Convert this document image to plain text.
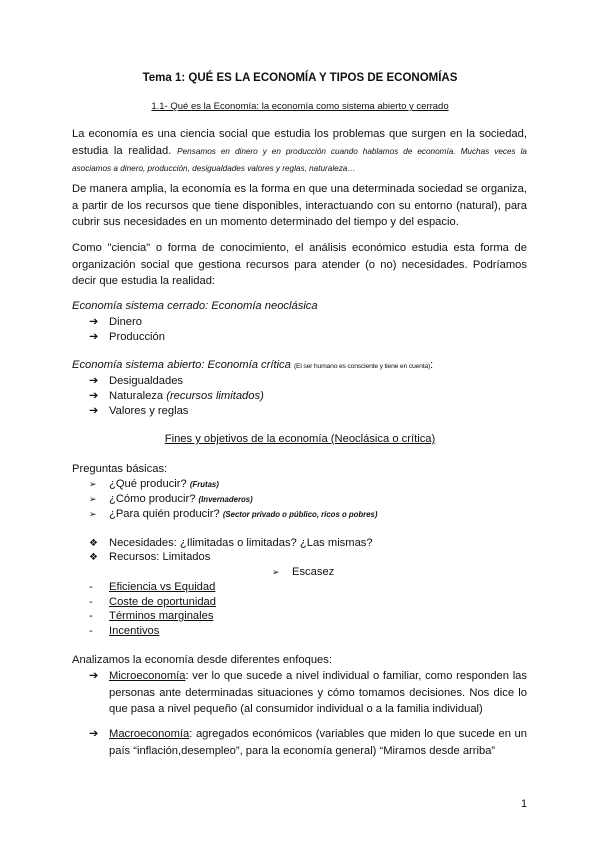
Tema 1: QUÉ ES LA ECONOMÍA Y TIPOS DE ECONOMÍAS
1.1- Qué es la Economía: la economía como sistema abierto y cerrado
La economía es una ciencia social que estudia los problemas que surgen en la sociedad, estudia la realidad. Pensamos en dinero y en producción cuando hablamos de economía. Muchas veces la asociamos a dinero, producción, desigualdades valores y reglas, naturaleza…
De manera amplia, la economía es la forma en que una determinada sociedad se organiza, a partir de los recursos que tiene disponibles, interactuando con su entorno (natural), para cubrir sus necesidades en un momento determinado del tiempo y del espacio.
Como "ciencia" o forma de conocimiento, el análisis económico estudia esta forma de organización social que gestiona recursos para atender (o no) necesidades. Podríamos decir que estudia la realidad:
Economía sistema cerrado: Economía neoclásica
➔ Dinero
➔ Producción
Economía sistema abierto: Economía crítica (El ser humano es consciente y tiene en cuenta):
➔ Desigualdades
➔ Naturaleza (recursos limitados)
➔ Valores y reglas
Fines y objetivos de la economía (Neoclásica o crítica)
Preguntas básicas:
➢ ¿Qué producir? (Frutas)
➢ ¿Cómo producir? (Invernaderos)
➢ ¿Para quién producir? (Sector privado o público, ricos o pobres)
❖ Necesidades: ¿Ilimitadas o limitadas? ¿Las mismas?
❖ Recursos: Limitados
➢ Escasez
- Eficiencia vs Equidad
- Coste de oportunidad
- Términos marginales
- Incentivos
Analizamos la economía desde diferentes enfoques:
➔ Microeconomía: ver lo que sucede a nivel individual o familiar, como responden las personas ante determinadas situaciones y cómo tomamos decisiones. Nos dice lo que pasa a nivel pequeño (al consumidor individual o a la familia individual)
➔ Macroeconomía: agregados económicos (variables que miden lo que sucede en un país “inflación,desempleo”, para la economía general) “Miramos desde arriba”
1
